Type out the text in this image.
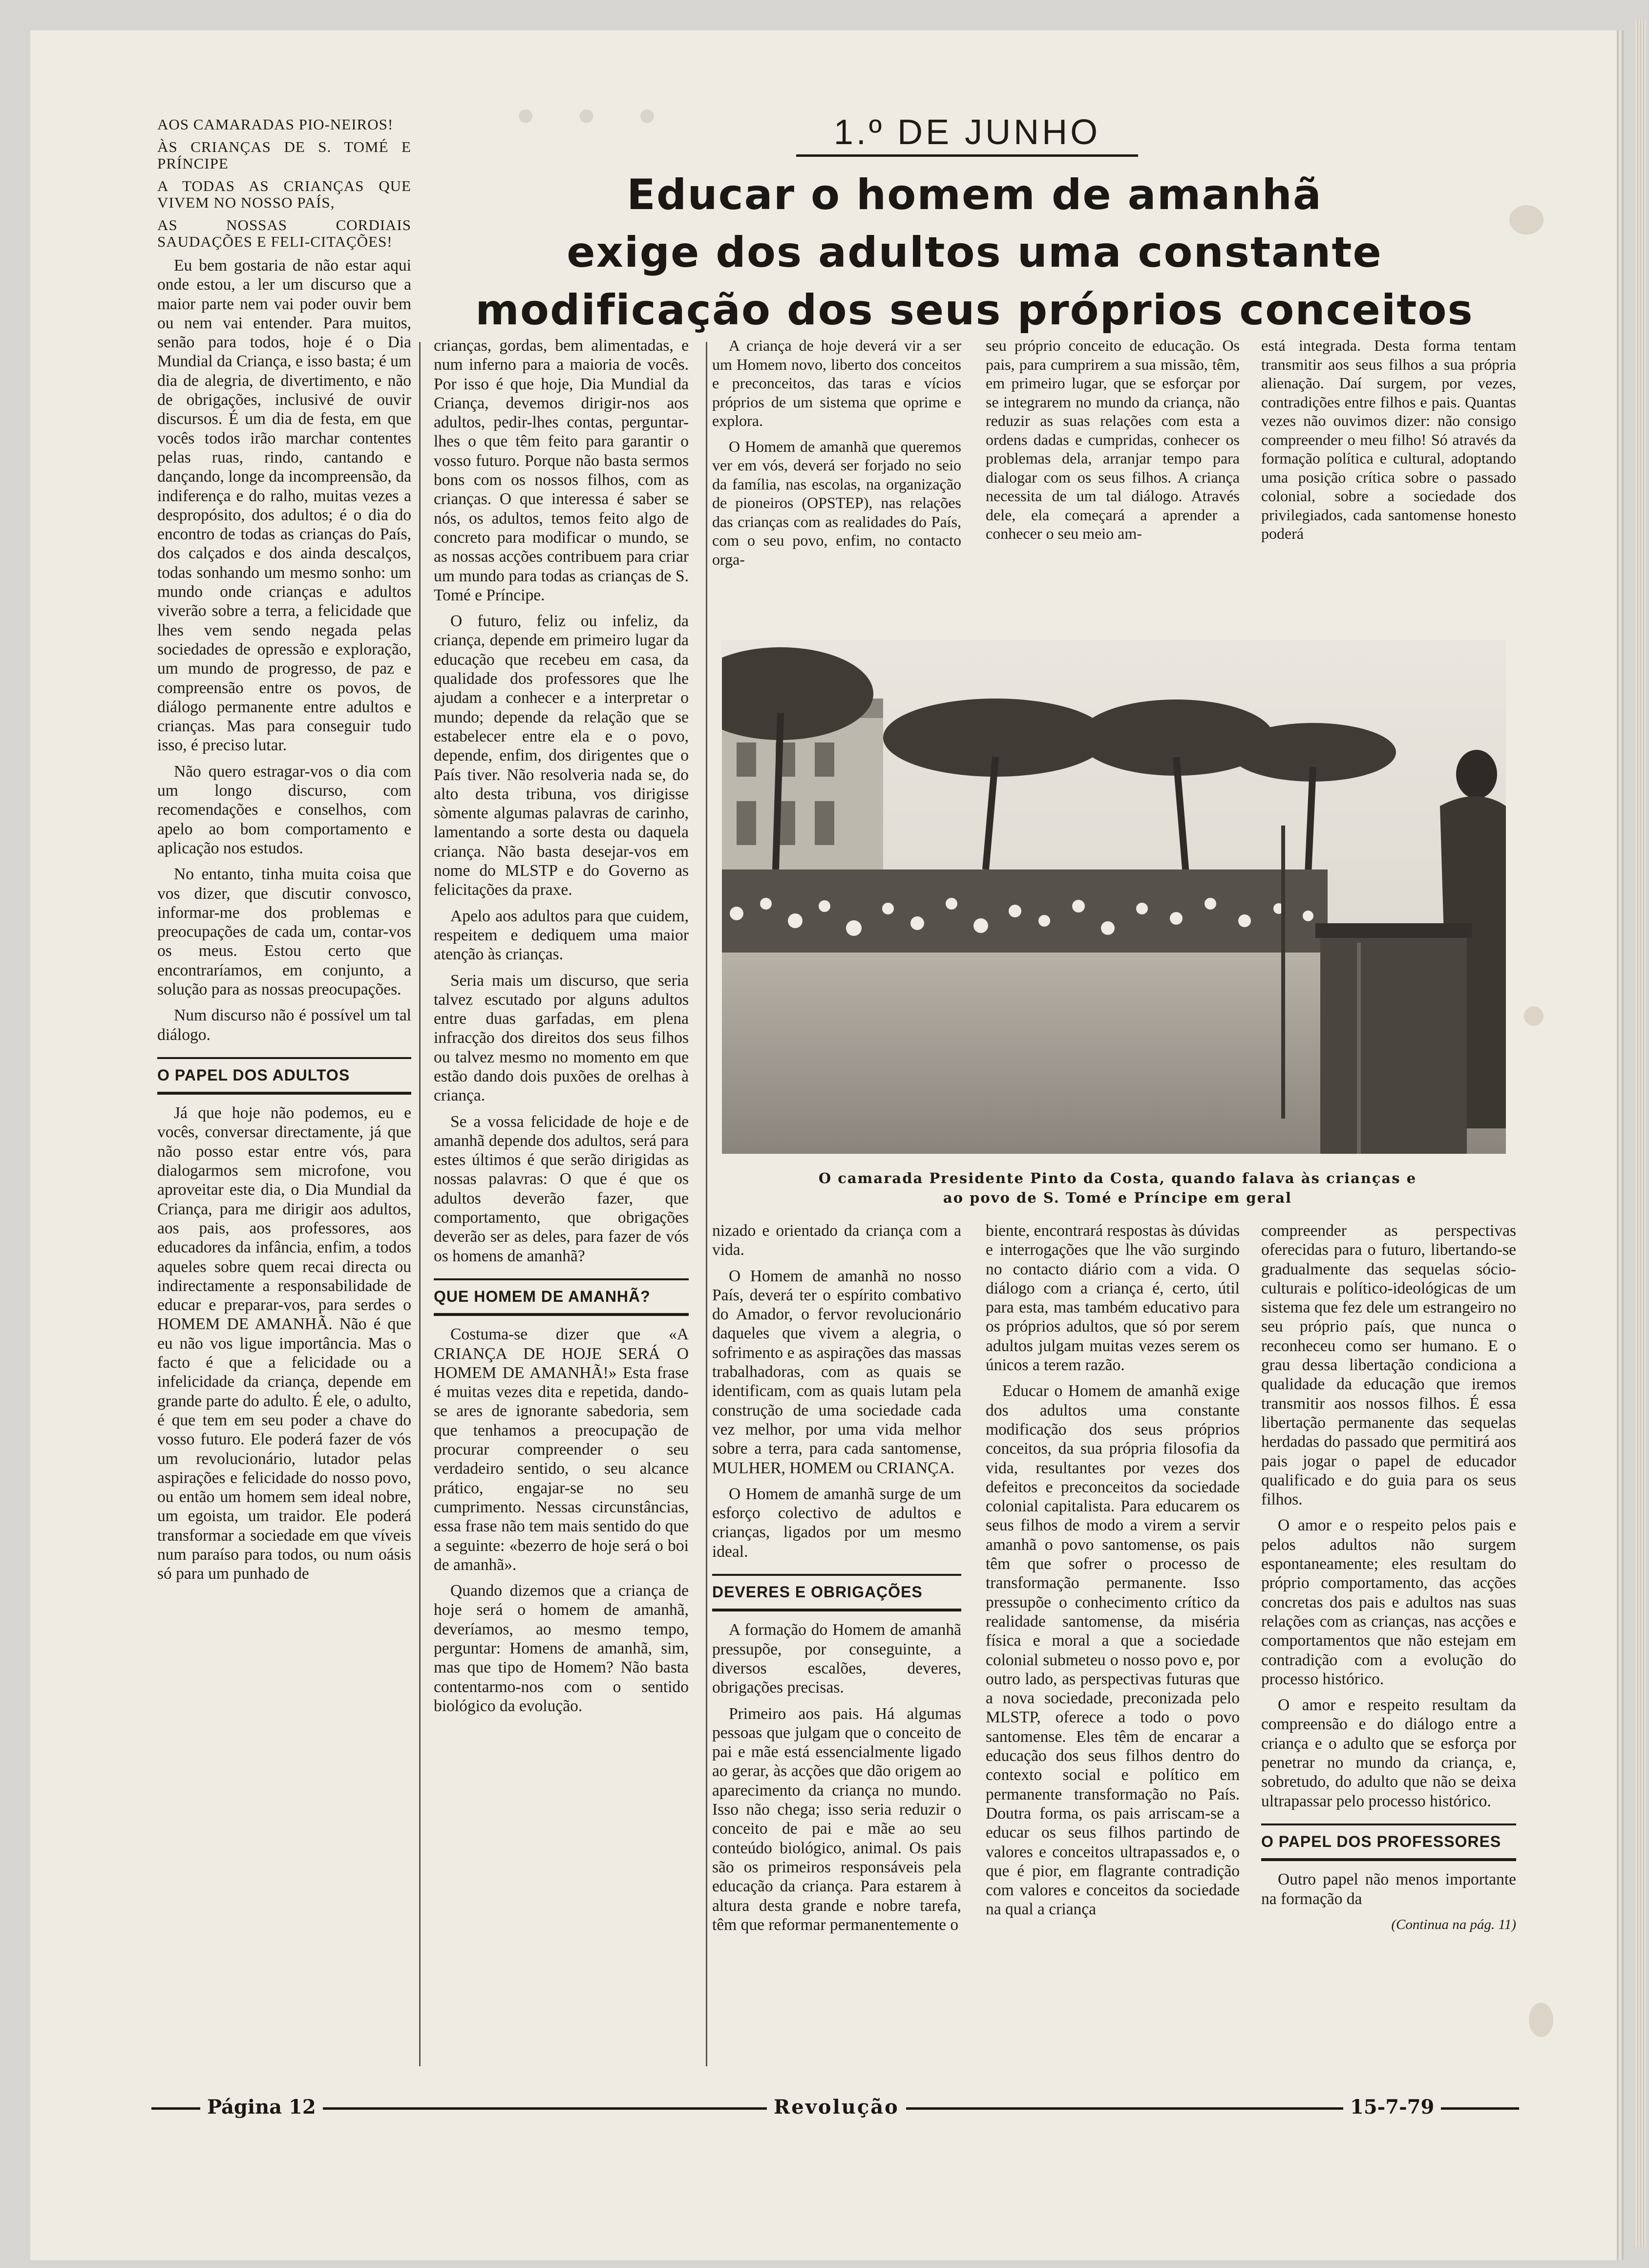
· · ·	1.º DE JUNHO
Educar o homem de amanhã
exige dos adultos uma constante
modificação dos seus próprios conceitos
AOS CAMARADAS PIO-NEIROS!
ÀS CRIANÇAS DE S. TOMÉ E PRÍNCIPE
A TODAS AS CRIANÇAS QUE VIVEM NO NOSSO PAÍS,
AS NOSSAS CORDIAIS SAUDAÇÕES E FELI-CITAÇÕES!

Eu bem gostaria de não estar aqui onde estou, a ler um discurso que a maior parte nem vai poder ouvir bem ou nem vai entender. Para muitos, senão para todos, hoje é o Dia Mundial da Criança, e isso basta; é um dia de alegria, de divertimento, e não de obrigações, inclusivé de ouvir discursos. É um dia de festa, em que vocês todos irão marchar contentes pelas ruas, rindo, cantando e dançando, longe da incompreensão, da indiferença e do ralho, muitas vezes a despropósito, dos adultos; é o dia do encontro de todas as crianças do País, dos calçados e dos ainda descalços, todas sonhando um mesmo sonho: um mundo onde crianças e adultos viverão sobre a terra, a felicidade que lhes vem sendo negada pelas sociedades de opressão e exploração, um mundo de progresso, de paz e compreensão entre os povos, de diálogo permanente entre adultos e crianças. Mas para conseguir tudo isso, é preciso lutar.

Não quero estragar-vos o dia com um longo discurso, com recomendações e conselhos, com apelo ao bom comportamento e aplicação nos estudos.

No entanto, tinha muita coisa que vos dizer, que discutir convosco, informar-me dos problemas e preocupações de cada um, contar-vos os meus. Estou certo que encontraríamos, em conjunto, a solução para as nossas preocupações.

Num discurso não é possível um tal diálogo.

O PAPEL DOS ADULTOS

Já que hoje não podemos, eu e vocês, conversar directamente, já que não posso estar entre vós, para dialogarmos sem microfone, vou aproveitar este dia, o Dia Mundial da Criança, para me dirigir aos adultos, aos pais, aos professores, aos educadores da infância, enfim, a todos aqueles sobre quem recai directa ou indirectamente a responsabilidade de educar e preparar-vos, para serdes o HOMEM DE AMANHÃ. Não é que eu não vos ligue importância. Mas o facto é que a felicidade ou a infelicidade da criança, depende em grande parte do adulto. É ele, o adulto, é que tem em seu poder a chave do vosso futuro. Ele poderá fazer de vós um revolucionário, lutador pelas aspirações e felicidade do nosso povo, ou então um homem sem ideal nobre, um egoista, um traidor. Ele poderá transformar a sociedade em que víveis num paraíso para todos, ou num oásis só para um punhado de

crianças, gordas, bem alimentadas, e num inferno para a maioria de vocês. Por isso é que hoje, Dia Mundial da Criança, devemos dirigir-nos aos adultos, pedir-lhes contas, perguntar-lhes o que têm feito para garantir o vosso futuro. Porque não basta sermos bons com os nossos filhos, com as crianças. O que interessa é saber se nós, os adultos, temos feito algo de concreto para modificar o mundo, se as nossas acções contribuem para criar um mundo para todas as crianças de S. Tomé e Príncipe.

O futuro, feliz ou infeliz, da criança, depende em primeiro lugar da educação que recebeu em casa, da qualidade dos professores que lhe ajudam a conhecer e a interpretar o mundo; depende da relação que se estabelecer entre ela e o povo, depende, enfim, dos dirigentes que o País tiver. Não resolveria nada se, do alto desta tribuna, vos dirigisse sòmente algumas palavras de carinho, lamentando a sorte desta ou daquela criança. Não basta desejar-vos em nome do MLSTP e do Governo as felicitações da praxe.

Apelo aos adultos para que cuidem, respeitem e dediquem uma maior atenção às crianças.

Seria mais um discurso, que seria talvez escutado por alguns adultos entre duas garfadas, em plena infracção dos direitos dos seus filhos ou talvez mesmo no momento em que estão dando dois puxões de orelhas à criança.

Se a vossa felicidade de hoje e de amanhã depende dos adultos, será para estes últimos é que serão dirigidas as nossas palavras: O que é que os adultos deverão fazer, que comportamento, que obrigações deverão ser as deles, para fazer de vós os homens de amanhã?

QUE HOMEM DE AMANHÃ?

Costuma-se dizer que «A CRIANÇA DE HOJE SERÁ O HOMEM DE AMANHÃ!» Esta frase é muitas vezes dita e repetida, dando-se ares de ignorante sabedoria, sem que tenhamos a preocupação de procurar compreender o seu verdadeiro sentido, o seu alcance prático, engajar-se no seu cumprimento. Nessas circunstâncias, essa frase não tem mais sentido do que a seguinte: «bezerro de hoje será o boi de amanhã».

Quando dizemos que a criança de hoje será o homem de amanhã, deveríamos, ao mesmo tempo, perguntar: Homens de amanhã, sim, mas que tipo de Homem? Não basta contentarmo-nos com o sentido biológico da evolução.

A criança de hoje deverá vir a ser um Homem novo, liberto dos conceitos e preconceitos, das taras e vícios próprios de um sistema que oprime e explora.

O Homem de amanhã que queremos ver em vós, deverá ser forjado no seio da família, nas escolas, na organização de pioneiros (OPSTEP), nas relações das crianças com as realidades do País, com o seu povo, enfim, no contacto orga-

seu próprio conceito de educação. Os pais, para cumprirem a sua missão, têm, em primeiro lugar, que se esforçar por se integrarem no mundo da criança, não reduzir as suas relações com esta a ordens dadas e cumpridas, conhecer os problemas dela, arranjar tempo para dialogar com os seus filhos. A criança necessita de um tal diálogo. Através dele, ela começará a aprender a conhecer o seu meio am-

está integrada. Desta forma tentam transmitir aos seus filhos a sua própria alienação. Daí surgem, por vezes, contradições entre filhos e pais. Quantas vezes não ouvimos dizer: não consigo compreender o meu filho! Só através da formação política e cultural, adoptando uma posição crítica sobre o passado colonial, sobre a sociedade dos privilegiados, cada santomense honesto poderá

O camarada Presidente Pinto da Costa, quando falava às crianças e
ao povo de S. Tomé e Príncipe em geral

nizado e orientado da criança com a vida.

O Homem de amanhã no nosso País, deverá ter o espírito combativo do Amador, o fervor revolucionário daqueles que vivem a alegria, o sofrimento e as aspirações das massas trabalhadoras, com as quais se identificam, com as quais lutam pela construção de uma sociedade cada vez melhor, por uma vida melhor sobre a terra, para cada santomense, MULHER, HOMEM ou CRIANÇA.

O Homem de amanhã surge de um esforço colectivo de adultos e crianças, ligados por um mesmo ideal.

DEVERES E OBRIGAÇÕES

A formação do Homem de amanhã pressupõe, por conseguinte, a diversos escalões, deveres, obrigações precisas.

Primeiro aos pais. Há algumas pessoas que julgam que o conceito de pai e mãe está essencialmente ligado ao gerar, às acções que dão origem ao aparecimento da criança no mundo. Isso não chega; isso seria reduzir o conceito de pai e mãe ao seu conteúdo biológico, animal. Os pais são os primeiros responsáveis pela educação da criança. Para estarem à altura desta grande e nobre tarefa, têm que reformar permanentemente o

biente, encontrará respostas às dúvidas e interrogações que lhe vão surgindo no contacto diário com a vida. O diálogo com a criança é, certo, útil para esta, mas também educativo para os próprios adultos, que só por serem adultos julgam muitas vezes serem os únicos a terem razão.

Educar o Homem de amanhã exige dos adultos uma constante modificação dos seus próprios conceitos, da sua própria filosofia da vida, resultantes por vezes dos defeitos e preconceitos da sociedade colonial capitalista. Para educarem os seus filhos de modo a virem a servir amanhã o povo santomense, os pais têm que sofrer o processo de transformação permanente. Isso pressupõe o conhecimento crítico da realidade santomense, da miséria física e moral a que a sociedade colonial submeteu o nosso povo e, por outro lado, as perspectivas futuras que a nova sociedade, preconizada pelo MLSTP, oferece a todo o povo santomense. Eles têm de encarar a educação dos seus filhos dentro do contexto social e político em permanente transformação no País. Doutra forma, os pais arriscam-se a educar os seus filhos partindo de valores e conceitos ultrapassados e, o que é pior, em flagrante contradição com valores e conceitos da sociedade na qual a criança

compreender as perspectivas oferecidas para o futuro, libertando-se gradualmente das sequelas sócio-culturais e político-ideológicas de um sistema que fez dele um estrangeiro no seu próprio país, que nunca o reconheceu como ser humano. E o grau dessa libertação condiciona a qualidade da educação que iremos transmitir aos nossos filhos. É essa libertação permanente das sequelas herdadas do passado que permitirá aos pais jogar o papel de educador qualificado e do guia para os seus filhos.

O amor e o respeito pelos pais e pelos adultos não surgem espontaneamente; eles resultam do próprio comportamento, das acções concretas dos pais e adultos nas suas relações com as crianças, nas acções e comportamentos que não estejam em contradição com a evolução do processo histórico.

O amor e respeito resultam da compreensão e do diálogo entre a criança e o adulto que se esforça por penetrar no mundo da criança, e, sobretudo, do adulto que não se deixa ultrapassar pelo processo histórico.

O PAPEL DOS PROFESSORES

Outro papel não menos importante na formação da

(Continua na pág. 11)
Página 12	Revolução	15-7-79
